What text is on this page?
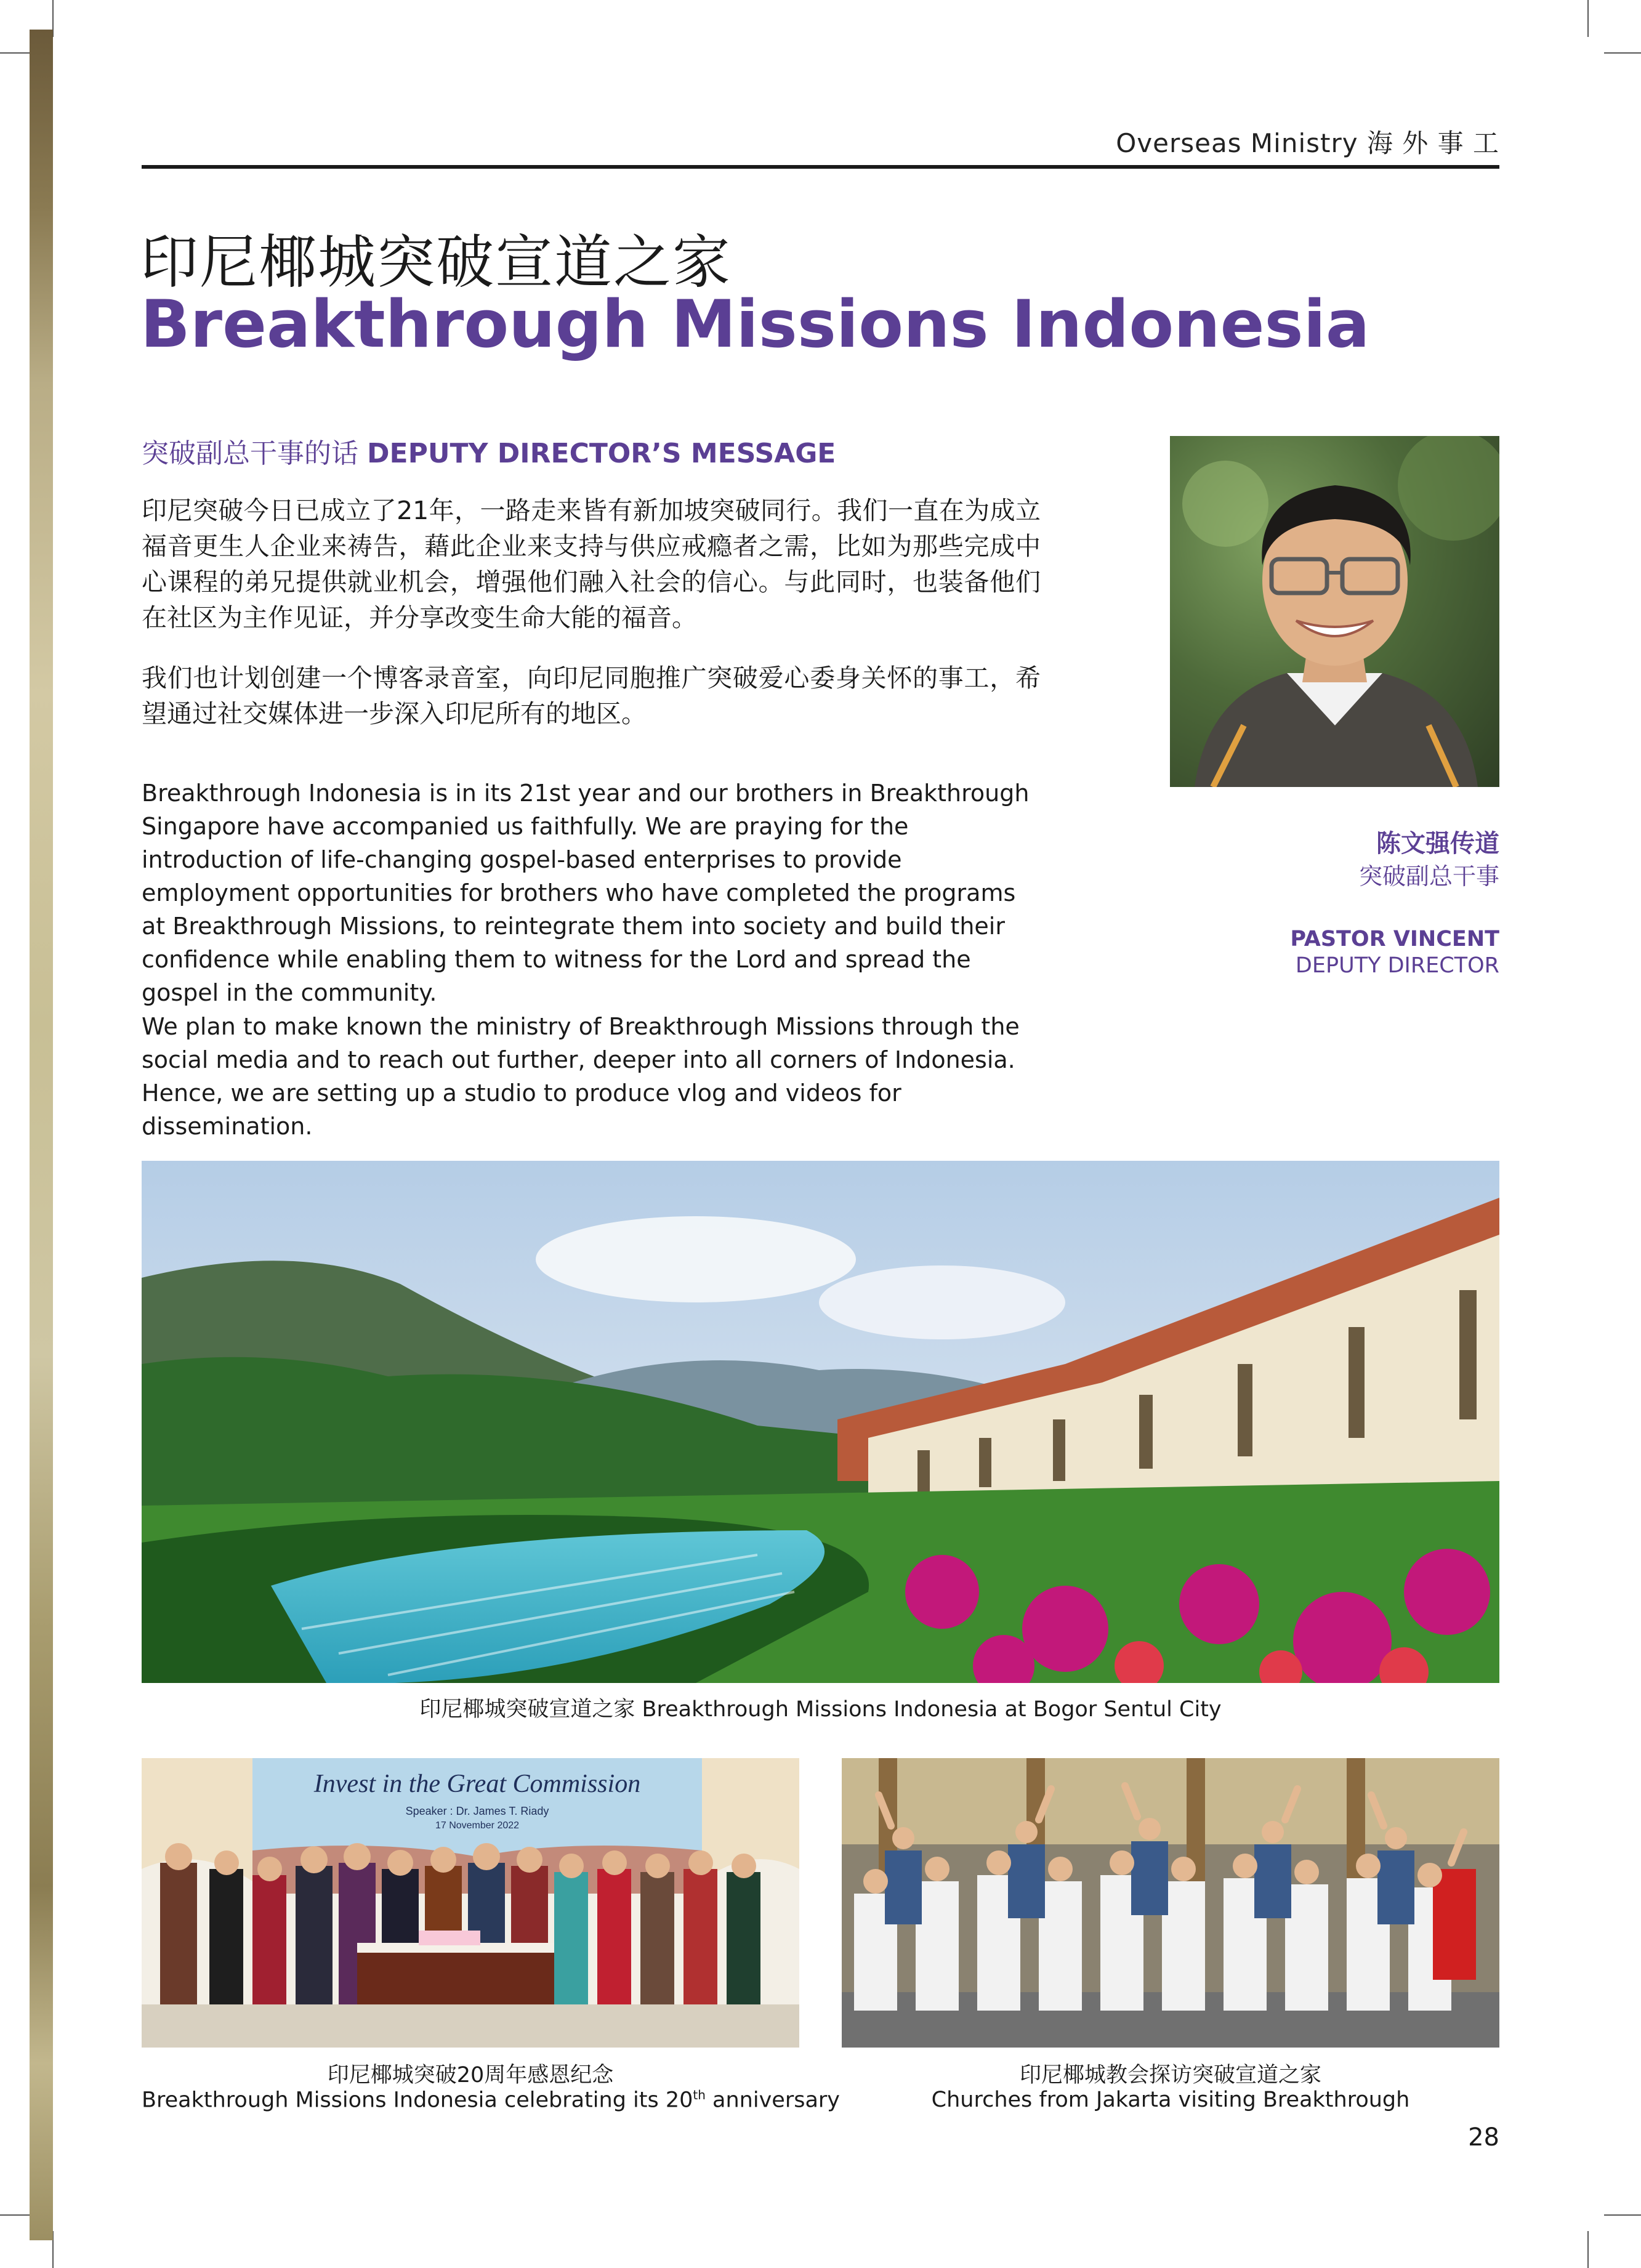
Overseas Ministry 海 外 事 工
印尼椰城突破宣道之家
Breakthrough Missions Indonesia
突破副总干事的话 DEPUTY DIRECTOR’S MESSAGE
印尼突破今日已成立了21年，一路走来皆有新加坡突破同行。我们一直在为成立福音更生人企业来祷告，藉此企业来支持与供应戒瘾者之需，比如为那些完成中心课程的弟兄提供就业机会，增强他们融入社会的信心。与此同时，也装备他们在社区为主作见证，并分享改变生命大能的福音。
我们也计划创建一个博客录音室，向印尼同胞推广突破爱心委身关怀的事工，希望通过社交媒体进一步深入印尼所有的地区。
Breakthrough Indonesia is in its 21st year and our brothers in Breakthrough Singapore have accompanied us faithfully. We are praying for the introduction of life-changing gospel-based enterprises to provide employment opportunities for brothers who have completed the programs at Breakthrough Missions, to reintegrate them into society and build their confidence while enabling them to witness for the Lord and spread the gospel in the community.
We plan to make known the ministry of Breakthrough Missions through the social media and to reach out further, deeper into all corners of Indonesia. Hence, we are setting up a studio to produce vlog and videos for dissemination.
陈文强传道
突破副总干事
PASTOR VINCENT
DEPUTY DIRECTOR
印尼椰城突破宣道之家 Breakthrough Missions Indonesia at Bogor Sentul City
Invest in the Great Commission
Speaker : Dr. James T. Riady
17 November 2022
印尼椰城突破20周年感恩纪念
Breakthrough Missions Indonesia celebrating its 20th anniversary
印尼椰城教会探访突破宣道之家
Churches from Jakarta visiting Breakthrough
28
